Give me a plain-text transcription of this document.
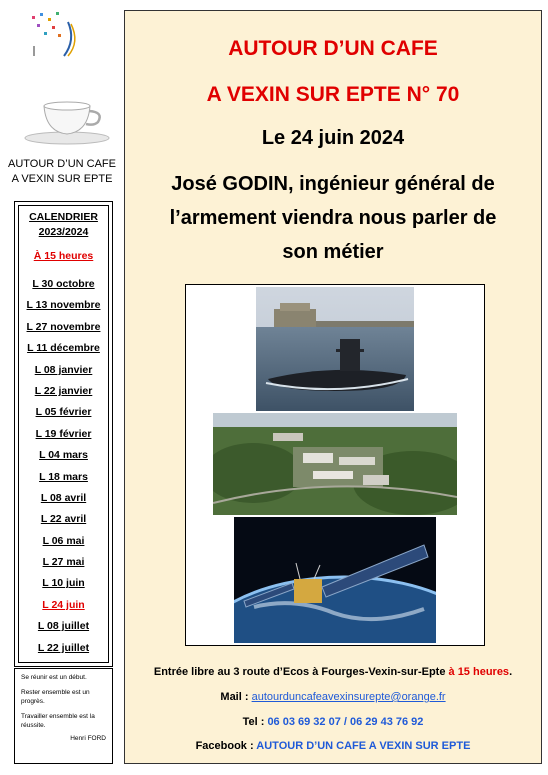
AUTOUR D’UN CAFE
A VEXIN SUR EPTE
CALENDRIER
2023/2024
À 15 heures
L 30 octobre
L 13 novembre
L 27 novembre
L 11 décembre
L 08 janvier
L 22 janvier
L 05 février
L 19 février
L 04 mars
L 18 mars
L 08 avril
L 22 avril
L 06 mai
L 27 mai
L 10 juin
L 24 juin
L 08 juillet
L 22 juillet

Se réunir est un début.

Rester ensemble est un progrès.

Travailler ensemble est la réussite.

Henri FORD

AUTOUR D’UN CAFE
A VEXIN SUR EPTE N° 70
Le 24 juin 2024
José GODIN, ingénieur général de
l’armement viendra nous parler de
son métier
Entrée libre au 3 route d’Ecos à Fourges-Vexin-sur-Epte à 15 heures.
Mail : autourduncafeavexinsurepte@orange.fr
Tel : 06 03 69 32 07 / 06 29 43 76 92
Facebook : AUTOUR D’UN CAFE A VEXIN SUR EPTE
